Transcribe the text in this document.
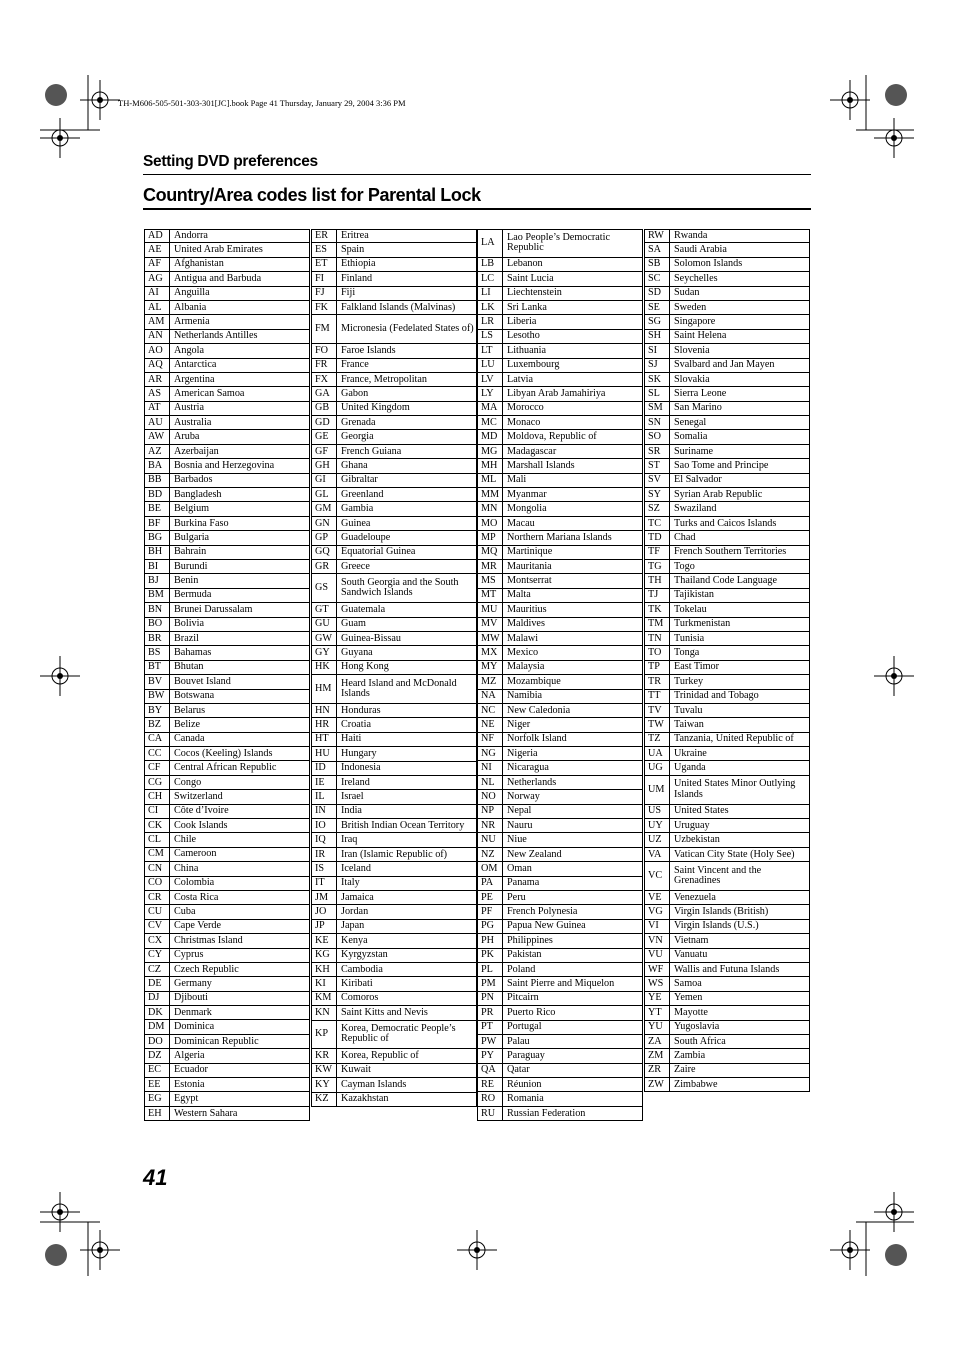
TH-M606-505-501-303-301[JC].book Page 41 Thursday, January 29, 2004 3:36 PM
Setting DVD preferences
Country/Area codes list for Parental Lock
AD	Andorra
AE	United Arab Emirates
AF	Afghanistan
AG	Antigua and Barbuda
AI	Anguilla
AL	Albania
AM Armenia
AN	Netherlands Antilles
AO	Angola
AQ	Antarctica
AR	Argentina
AS	American Samoa
AT	Austria
AU	Australia
AW Aruba
AZ	Azerbaijan
BA	Bosnia and Herzegovina
BB	Barbados
BD	Bangladesh
BE	Belgium
BF	Burkina Faso
BG	Bulgaria
BH	Bahrain
BI	Burundi
BJ	Benin
BM Bermuda
BN	Brunei Darussalam
BO	Bolivia
BR	Brazil
BS	Bahamas
BT	Bhutan
BV	Bouvet Island
BW Botswana
BY	Belarus
BZ	Belize
CA	Canada
CC	Cocos (Keeling) Islands
CF	Central African Republic
CG	Congo
CH	Switzerland
CI	Côte d’Ivoire
CK	Cook Islands
CL	Chile
CM Cameroon
CN	China
CO	Colombia
CR	Costa Rica
CU	Cuba
CV	Cape Verde
CX	Christmas Island
CY	Cyprus
CZ	Czech Republic
DE	Germany
DJ	Djibouti
DK	Denmark
DM Dominica
DO	Dominican Republic
DZ	Algeria
EC	Ecuador
EE	Estonia
EG	Egypt
EH	Western Sahara
ER	Eritrea
ES	Spain
ET	Ethiopia
FI	Finland
FJ	Fiji
FK	Falkland Islands (Malvinas)
FM	Micronesia (Fedelated States of)
FO	Faroe Islands
FR	France
FX	France, Metropolitan
GA	Gabon
GB	United Kingdom
GD	Grenada
GE	Georgia
GF	French Guiana
GH	Ghana
GI	Gibraltar
GL	Greenland
GM Gambia
GN	Guinea
GP	Guadeloupe
GQ	Equatorial Guinea
GR	Greece
GS	South Georgia and the South Sandwich Islands
GT	Guatemala
GU	Guam
GW Guinea-Bissau
GY	Guyana
HK	Hong Kong
HM Heard Island and McDonald Islands
HN	Honduras
HR	Croatia
HT	Haiti
HU	Hungary
ID	Indonesia
IE	Ireland
IL	Israel
IN	India
IO	British Indian Ocean Territory
IQ	Iraq
IR	Iran (Islamic Republic of)
IS	Iceland
IT	Italy
JM	Jamaica
JO	Jordan
JP	Japan
KE	Kenya
KG	Kyrgyzstan
KH	Cambodia
KI	Kiribati
KM Comoros
KN	Saint Kitts and Nevis
KP	Korea, Democratic People’s Republic of
KR	Korea, Republic of
KW Kuwait
KY	Cayman Islands
KZ	Kazakhstan
LA	Lao People’s Democratic Republic
LB	Lebanon
LC	Saint Lucia
LI	Liechtenstein
LK	Sri Lanka
LR	Liberia
LS	Lesotho
LT	Lithuania
LU	Luxembourg
LV	Latvia
LY	Libyan Arab Jamahiriya
MA Morocco
MC Monaco
MD Moldova, Republic of
MG Madagascar
MH Marshall Islands
ML	Mali
MM Myanmar
MN Mongolia
MO Macau
MP	Northern Mariana Islands
MQ Martinique
MR Mauritania
MS	Montserrat
MT	Malta
MU Mauritius
MV Maldives
MW Malawi
MX Mexico
MY Malaysia
MZ	Mozambique
NA	Namibia
NC	New Caledonia
NE	Niger
NF	Norfolk Island
NG	Nigeria
NI	Nicaragua
NL	Netherlands
NO	Norway
NP	Nepal
NR	Nauru
NU	Niue
NZ	New Zealand
OM Oman
PA	Panama
PE	Peru
PF	French Polynesia
PG	Papua New Guinea
PH	Philippines
PK	Pakistan
PL	Poland
PM	Saint Pierre and Miquelon
PN	Pitcairn
PR	Puerto Rico
PT	Portugal
PW	Palau
PY	Paraguay
QA	Qatar
RE	Réunion
RO	Romania
RU	Russian Federation
RW Rwanda
SA	Saudi Arabia
SB	Solomon Islands
SC	Seychelles
SD	Sudan
SE	Sweden
SG	Singapore
SH	Saint Helena
SI	Slovenia
SJ	Svalbard and Jan Mayen
SK	Slovakia
SL	Sierra Leone
SM	San Marino
SN	Senegal
SO	Somalia
SR	Suriname
ST	Sao Tome and Principe
SV	El Salvador
SY	Syrian Arab Republic
SZ	Swaziland
TC	Turks and Caicos Islands
TD	Chad
TF	French Southern Territories
TG	Togo
TH	Thailand Code Language
TJ	Tajikistan
TK	Tokelau
TM	Turkmenistan
TN	Tunisia
TO	Tonga
TP	East Timor
TR	Turkey
TT	Trinidad and Tobago
TV	Tuvalu
TW Taiwan
TZ	Tanzania, United Republic of
UA	Ukraine
UG	Uganda
UM United States Minor Outlying Islands
US	United States
UY	Uruguay
UZ	Uzbekistan
VA	Vatican City State (Holy See)
VC	Saint Vincent and the Grenadines
VE	Venezuela
VG	Virgin Islands (British)
VI	Virgin Islands (U.S.)
VN	Vietnam
VU	Vanuatu
WF	Wallis and Futuna Islands
WS	Samoa
YE	Yemen
YT	Mayotte
YU	Yugoslavia
ZA	South Africa
ZM	Zambia
ZR	Zaire
ZW Zimbabwe
41
